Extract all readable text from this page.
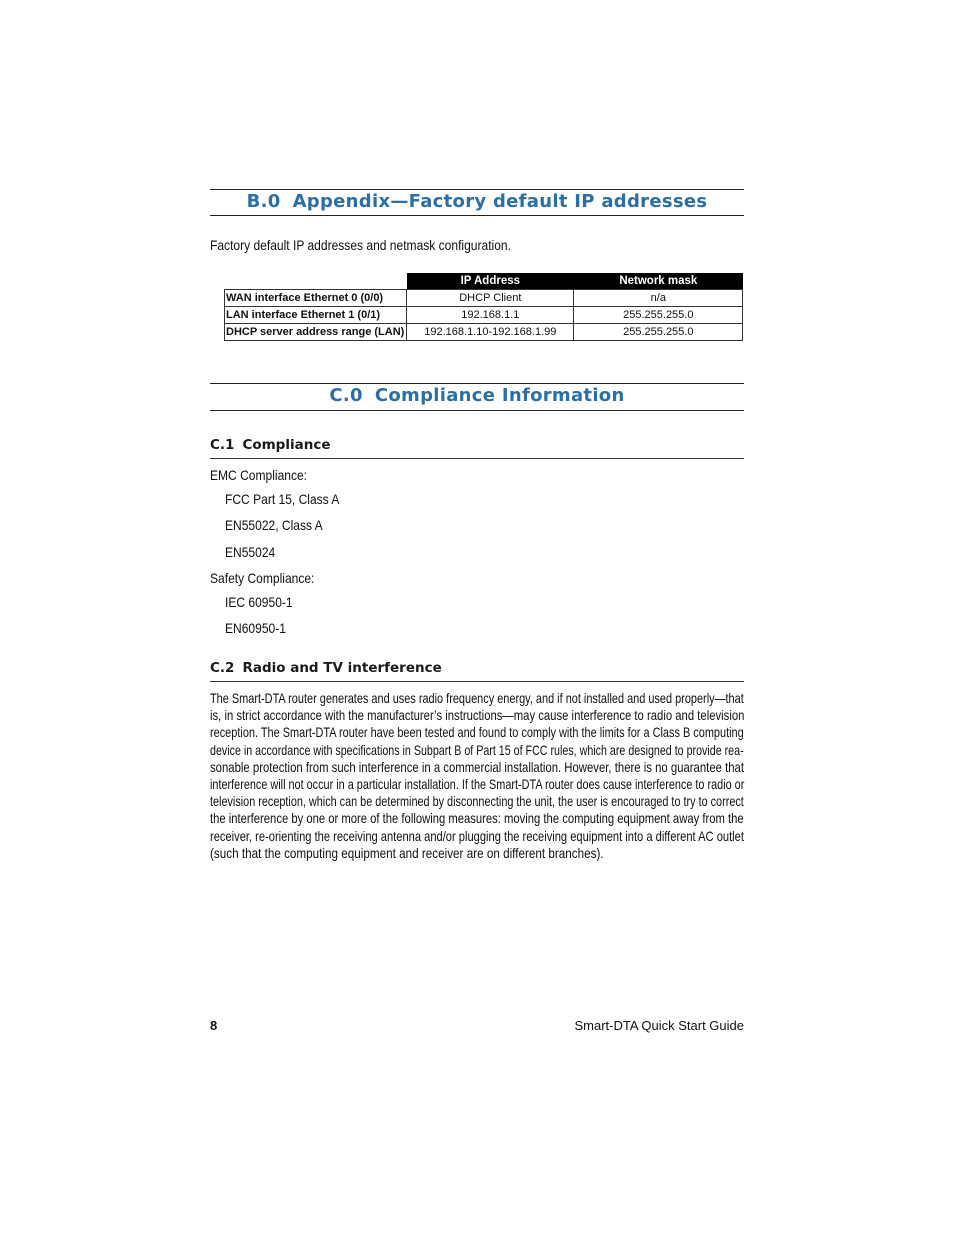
B.0 Appendix—Factory default IP addresses
Factory default IP addresses and netmask configuration.
	IP Address	Network mask
WAN interface Ethernet 0 (0/0)	DHCP Client	n/a
LAN interface Ethernet 1 (0/1)	192.168.1.1	255.255.255.0
DHCP server address range (LAN)	192.168.1.10-192.168.1.99	255.255.255.0
C.0 Compliance Information
C.1 Compliance
EMC Compliance:
FCC Part 15, Class A
EN55022, Class A
EN55024
Safety Compliance:
IEC 60950-1
EN60950-1
C.2 Radio and TV interference
The Smart-DTA router generates and uses radio frequency energy, and if not installed and used properly—that
is, in strict accordance with the manufacturer’s instructions—may cause interference to radio and television
reception. The Smart-DTA router have been tested and found to comply with the limits for a Class B computing
device in accordance with specifications in Subpart B of Part 15 of FCC rules, which are designed to provide rea-
sonable protection from such interference in a commercial installation. However, there is no guarantee that
interference will not occur in a particular installation. If the Smart-DTA router does cause interference to radio or
television reception, which can be determined by disconnecting the unit, the user is encouraged to try to correct
the interference by one or more of the following measures: moving the computing equipment away from the
receiver, re-orienting the receiving antenna and/or plugging the receiving equipment into a different AC outlet
(such that the computing equipment and receiver are on different branches).
8	Smart-DTA Quick Start Guide
